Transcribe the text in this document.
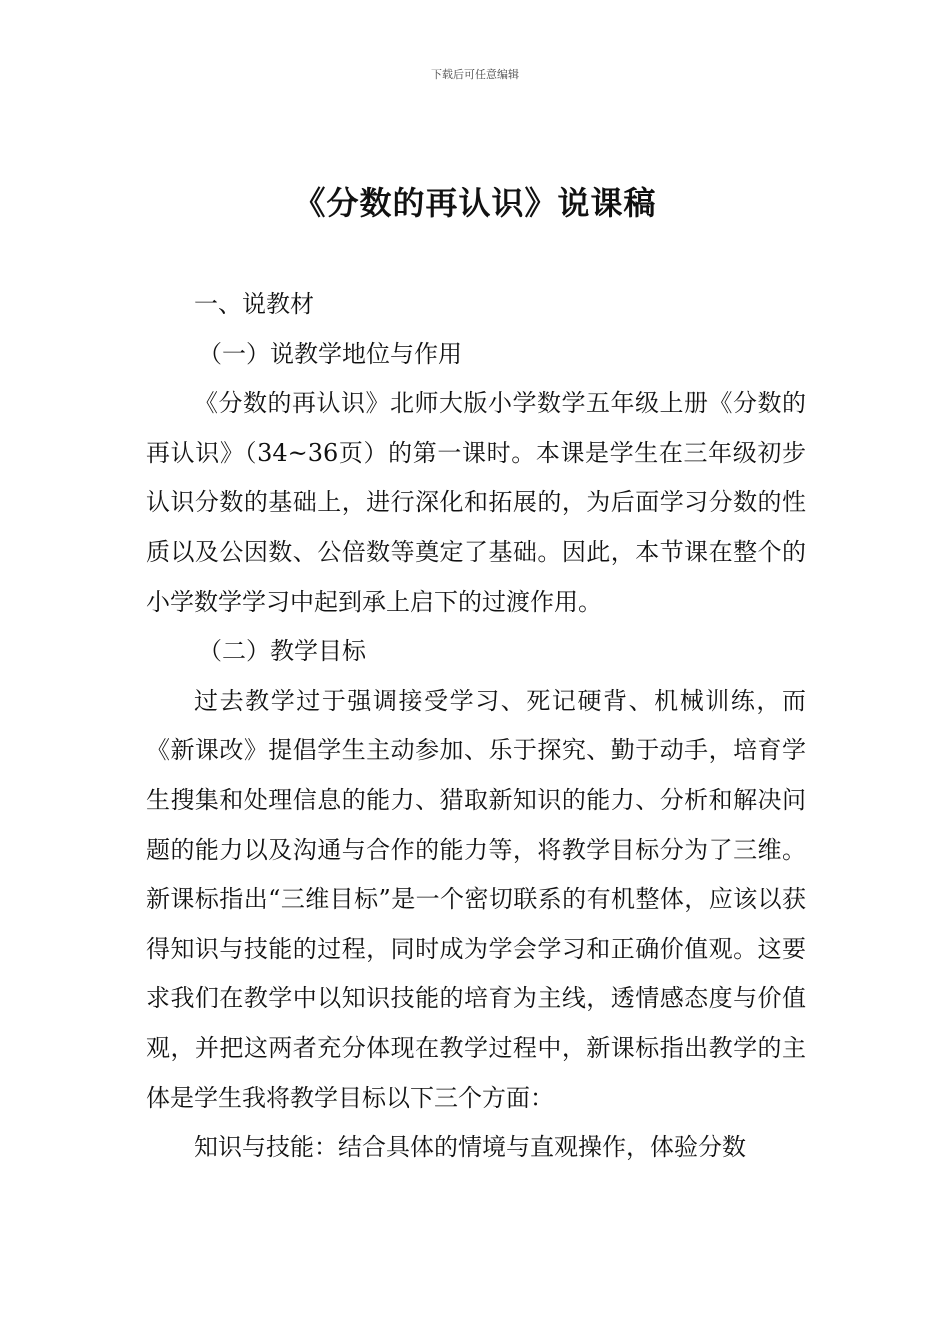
下载后可任意编辑
《分数的再认识》说课稿

一、说教材

（一）说教学地位与作用

《分数的再认识》北师大版小学数学五年级上册《分数的再认识》（34~36页）的第一课时。本课是学生在三年级初步认识分数的基础上，进行深化和拓展的，为后面学习分数的性质以及公因数、公倍数等奠定了基础。因此，本节课在整个的小学数学学习中起到承上启下的过渡作用。

（二）教学目标

过去教学过于强调接受学习、死记硬背、机械训练，而《新课改》提倡学生主动参加、乐于探究、勤于动手，培育学生搜集和处理信息的能力、猎取新知识的能力、分析和解决问题的能力以及沟通与合作的能力等，将教学目标分为了三维。新课标指出“三维目标”是一个密切联系的有机整体，应该以获得知识与技能的过程，同时成为学会学习和正确价值观。这要求我们在教学中以知识技能的培育为主线，透情感态度与价值观，并把这两者充分体现在教学过程中，新课标指出教学的主体是学生我将教学目标以下三个方面：

知识与技能：结合具体的情境与直观操作，体验分数
